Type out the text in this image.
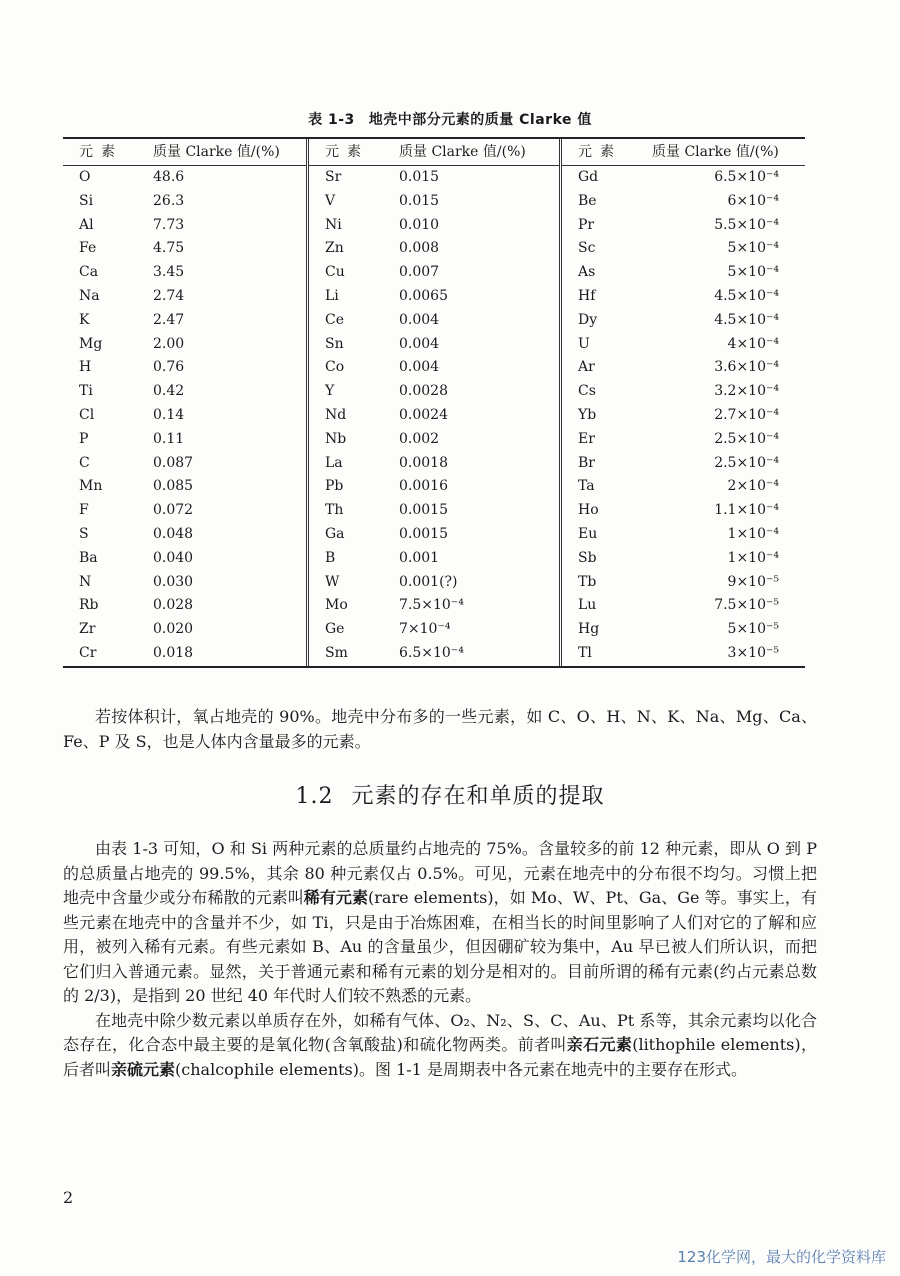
表 1-3 地壳中部分元素的质量 Clarke 值
元素	质量 Clarke 值/(%)
O	48.6
Si	26.3
Al	7.73
Fe	4.75
Ca	3.45
Na	2.74
K	2.47
Mg	2.00
H	0.76
Ti	0.42
Cl	0.14
P	0.11
C	0.087
Mn	0.085
F	0.072
S	0.048
Ba	0.040
N	0.030
Rb	0.028
Zr	0.020
Cr	0.018
元素	质量 Clarke 值/(%)
Sr	0.015
V	0.015
Ni	0.010
Zn	0.008
Cu	0.007
Li	0.0065
Ce	0.004
Sn	0.004
Co	0.004
Y	0.0028
Nd	0.0024
Nb	0.002
La	0.0018
Pb	0.0016
Th	0.0015
Ga	0.0015
B	0.001
W	0.001(?)
Mo	7.5×10⁻⁴
Ge	7×10⁻⁴
Sm	6.5×10⁻⁴
元素	质量 Clarke 值/(%)
Gd	6.5×10⁻⁴
Be	6×10⁻⁴
Pr	5.5×10⁻⁴
Sc	5×10⁻⁴
As	5×10⁻⁴
Hf	4.5×10⁻⁴
Dy	4.5×10⁻⁴
U	4×10⁻⁴
Ar	3.6×10⁻⁴
Cs	3.2×10⁻⁴
Yb	2.7×10⁻⁴
Er	2.5×10⁻⁴
Br	2.5×10⁻⁴
Ta	2×10⁻⁴
Ho	1.1×10⁻⁴
Eu	1×10⁻⁴
Sb	1×10⁻⁴
Tb	9×10⁻⁵
Lu	7.5×10⁻⁵
Hg	5×10⁻⁵
Tl	3×10⁻⁵

若按体积计，氧占地壳的 90%。地壳中分布多的一些元素，如 C、O、H、N、K、Na、Mg、Ca、Fe、P 及 S，也是人体内含量最多的元素。

1.2 元素的存在和单质的提取

由表 1-3 可知，O 和 Si 两种元素的总质量约占地壳的 75%。含量较多的前 12 种元素，即从 O 到 P 的总质量占地壳的 99.5%，其余 80 种元素仅占 0.5%。可见，元素在地壳中的分布很不均匀。习惯上把地壳中含量少或分布稀散的元素叫稀有元素(rare elements)，如 Mo、W、Pt、Ga、Ge 等。事实上，有些元素在地壳中的含量并不少，如 Ti，只是由于冶炼困难，在相当长的时间里影响了人们对它的了解和应用，被列入稀有元素。有些元素如 B、Au 的含量虽少，但因硼矿较为集中，Au 早已被人们所认识，而把它们归入普通元素。显然，关于普通元素和稀有元素的划分是相对的。目前所谓的稀有元素(约占元素总数的 2/3)，是指到 20 世纪 40 年代时人们较不熟悉的元素。

在地壳中除少数元素以单质存在外，如稀有气体、O₂、N₂、S、C、Au、Pt 系等，其余元素均以化合态存在，化合态中最主要的是氧化物(含氧酸盐)和硫化物两类。前者叫亲石元素(lithophile elements)，后者叫亲硫元素(chalcophile elements)。图 1-1 是周期表中各元素在地壳中的主要存在形式。

2
123化学网，最大的化学资料库
